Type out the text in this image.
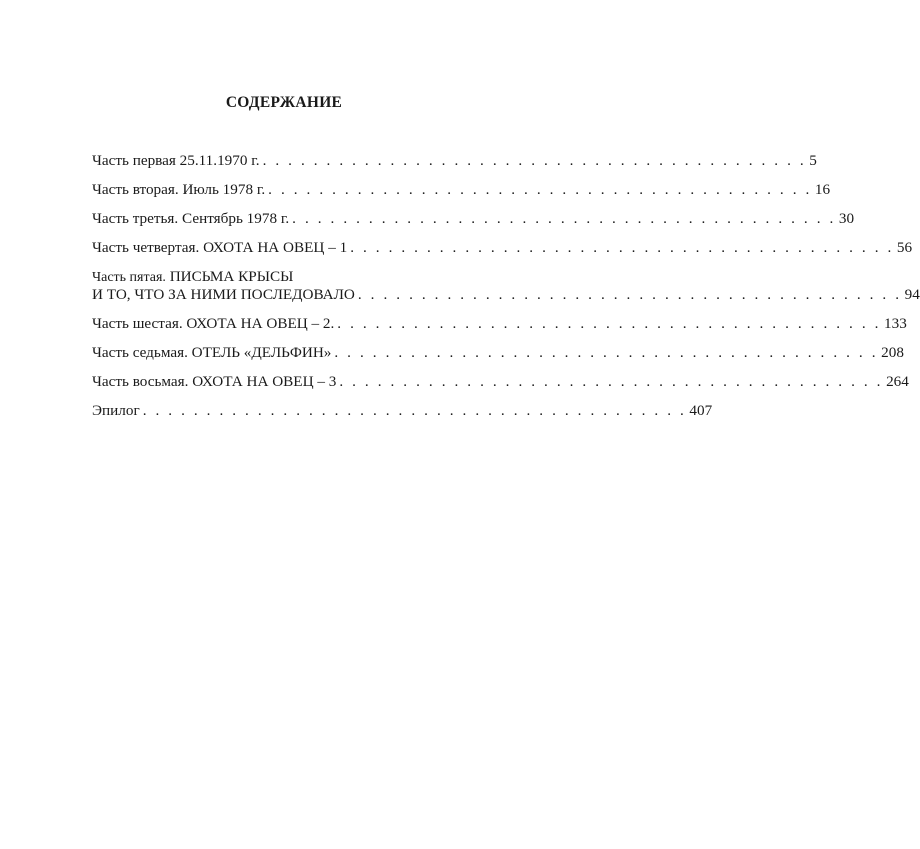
СОДЕРЖАНИЕ
Часть первая 25.11.1970 г. . . . . . . . . . . . . . . . . . . . . . . . . . . . . . . . . . . . . . . . . . . . 5
Часть вторая. Июль 1978 г. . . . . . . . . . . . . . . . . . . . . . . . . . . . . . . . . . . . . . . . . . . . 16
Часть третья. Сентябрь 1978 г. . . . . . . . . . . . . . . . . . . . . . . . . . . . . . . . . . . . . . . . . . . . 30
Часть четвертая. ОХОТА НА ОВЕЦ – 1 . . . . . . . . . . . . . . . . . . . . . . . . . . . . . . . . . . . . . . . . . . . 56
Часть пятая. ПИСЬМА КРЫСЫ
И ТО, ЧТО ЗА НИМИ ПОСЛЕДОВАЛО . . . . . . . . . . . . . . . . . . . . . . . . . . . . . . . . . . . . . . . . . . . 94
Часть шестая. ОХОТА НА ОВЕЦ – 2. . . . . . . . . . . . . . . . . . . . . . . . . . . . . . . . . . . . . . . . . . . . 133
Часть седьмая. ОТЕЛЬ «ДЕЛЬФИН» . . . . . . . . . . . . . . . . . . . . . . . . . . . . . . . . . . . . . . . . . . . 208
Часть восьмая. ОХОТА НА ОВЕЦ – 3 . . . . . . . . . . . . . . . . . . . . . . . . . . . . . . . . . . . . . . . . . . . 264
Эпилог . . . . . . . . . . . . . . . . . . . . . . . . . . . . . . . . . . . . . . . . . . . 407
